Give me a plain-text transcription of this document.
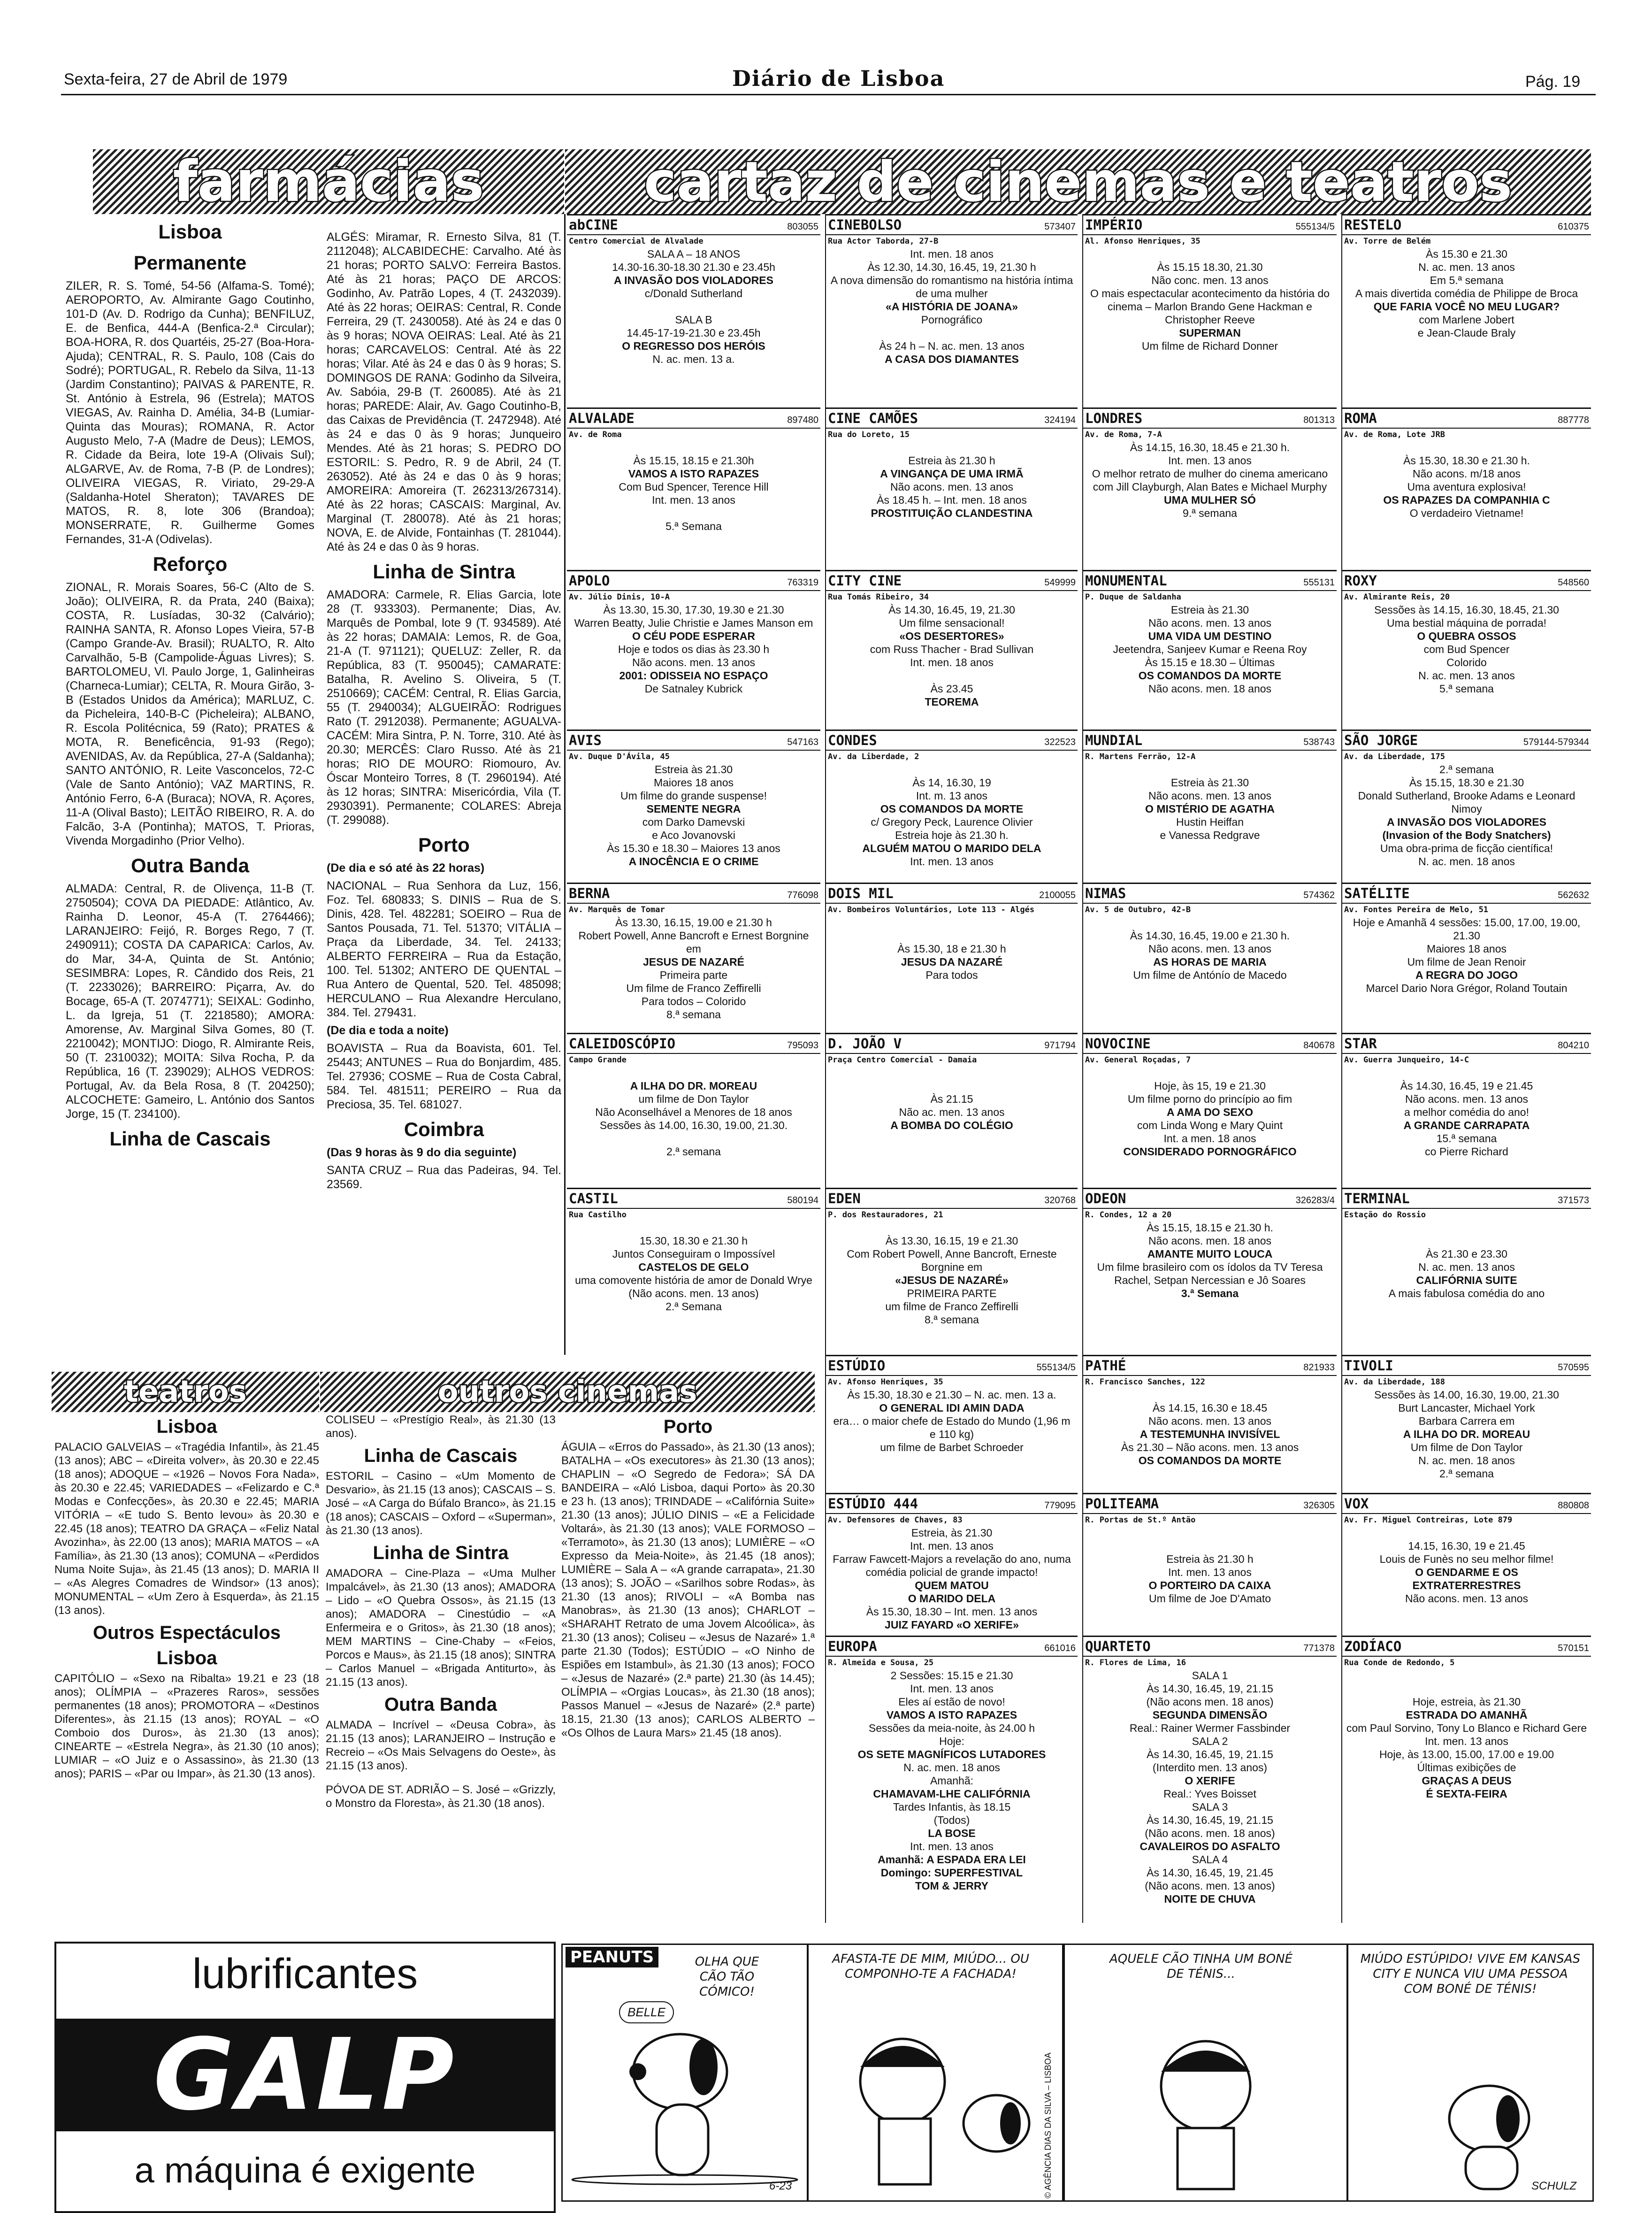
Sexta-feira, 27 de Abril de 1979	Diário de Lisboa	Pág. 19
farmácias	cartaz de cinemas e teatros
Lisboa
Permanente

ZILER, R. S. Tomé, 54-56 (Alfama-S. Tomé); AEROPORTO, Av. Almirante Gago Coutinho, 101-D (Av. D. Rodrigo da Cunha); BENFILUZ, E. de Benfica, 444-A (Benfica-2.ª Circular); BOA-HORA, R. dos Quartéis, 25-27 (Boa-Hora-Ajuda); CENTRAL, R. S. Paulo, 108 (Cais do Sodré); PORTUGAL, R. Rebelo da Silva, 11-13 (Jardim Constantino); PAIVAS & PARENTE, R. St. António à Estrela, 96 (Estrela); MATOS VIEGAS, Av. Rainha D. Amélia, 34-B (Lumiar- Quinta das Mouras); ROMANA, R. Actor Augusto Melo, 7-A (Madre de Deus); LEMOS, R. Cidade da Beira, lote 19-A (Olivais Sul); ALGARVE, Av. de Roma, 7-B (P. de Londres); OLIVEIRA VIEGAS, R. Viriato, 29-29-A (Saldanha-Hotel Sheraton); TAVARES DE MATOS, R. 8, lote 306 (Brandoa); MONSERRATE, R. Guilherme Gomes Fernandes, 31-A (Odivelas).

Reforço

ZIONAL, R. Morais Soares, 56-C (Alto de S. João); OLIVEIRA, R. da Prata, 240 (Baixa); COSTA, R. Lusíadas, 30-32 (Calvário); RAINHA SANTA, R. Afonso Lopes Vieira, 57-B (Campo Grande-Av. Brasil); RUALTO, R. Alto Carvalhão, 5-B (Campolide-Águas Livres); S. BARTOLOMEU, Vl. Paulo Jorge, 1, Galinheiras (Charneca-Lumiar); CELTA, R. Moura Girão, 3-B (Estados Unidos da América); MARLUZ, C. da Picheleira, 140-B-C (Picheleira); ALBANO, R. Escola Politécnica, 59 (Rato); PRATES & MOTA, R. Beneficência, 91-93 (Rego); AVENIDAS, Av. da República, 27-A (Saldanha); SANTO ANTÓNIO, R. Leite Vasconcelos, 72-C (Vale de Santo António); VAZ MARTINS, R. António Ferro, 6-A (Buraca); NOVA, R. Açores, 11-A (Olival Basto); LEITÃO RIBEIRO, R. A. do Falcão, 3-A (Pontinha); MATOS, T. Prioras, Vivenda Morgadinho (Prior Velho).

Outra Banda

ALMADA: Central, R. de Olivença, 11-B (T. 2750504); COVA DA PIEDADE: Atlântico, Av. Rainha D. Leonor, 45-A (T. 2764466); LARANJEIRO: Feijó, R. Borges Rego, 7 (T. 2490911); COSTA DA CAPARICA: Carlos, Av. do Mar, 34-A, Quinta de St. António; SESIMBRA: Lopes, R. Cândido dos Reis, 21 (T. 2233026); BARREIRO: Piçarra, Av. do Bocage, 65-A (T. 2074771); SEIXAL: Godinho, L. da Igreja, 51 (T. 2218580); AMORA: Amorense, Av. Marginal Silva Gomes, 80 (T. 2210042); MONTIJO: Diogo, R. Almirante Reis, 50 (T. 2310032); MOITA: Silva Rocha, P. da República, 16 (T. 239029); ALHOS VEDROS: Portugal, Av. da Bela Rosa, 8 (T. 204250); ALCOCHETE: Gameiro, L. António dos Santos Jorge, 15 (T. 234100).

Linha de Cascais

ALGÉS: Miramar, R. Ernesto Silva, 81 (T. 2112048); ALCABIDECHE: Carvalho. Até às 21 horas; PORTO SALVO: Ferreira Bastos. Até às 21 horas; PAÇO DE ARCOS: Godinho, Av. Patrão Lopes, 4 (T. 2432039). Até às 22 horas; OEIRAS: Central, R. Conde Ferreira, 29 (T. 2430058). Até às 24 e das 0 às 9 horas; NOVA OEIRAS: Leal. Até às 21 horas; CARCAVELOS: Central. Até às 22 horas; Vilar. Até às 24 e das 0 às 9 horas; S. DOMINGOS DE RANA: Godinho da Silveira, Av. Sabóia, 29-B (T. 260085). Até às 21 horas; PAREDE: Alair, Av. Gago Coutinho-B, das Caixas de Previdência (T. 2472948). Até às 24 e das 0 às 9 horas; Junqueiro Mendes. Até às 21 horas; S. PEDRO DO ESTORIL: S. Pedro, R. 9 de Abril, 24 (T. 263052). Até às 24 e das 0 às 9 horas; AMOREIRA: Amoreira (T. 262313/267314). Até às 22 horas; CASCAIS: Marginal, Av. Marginal (T. 280078). Até às 21 horas; NOVA, E. de Alvide, Fontainhas (T. 281044). Até às 24 e das 0 às 9 horas.

Linha de Sintra

AMADORA: Carmele, R. Elias Garcia, lote 28 (T. 933303). Permanente; Dias, Av. Marquês de Pombal, lote 9 (T. 934589). Até às 22 horas; DAMAIA: Lemos, R. de Goa, 21-A (T. 971121); QUELUZ: Zeller, R. da República, 83 (T. 950045); CAMARATE: Batalha, R. Avelino S. Oliveira, 5 (T. 2510669); CACÉM: Central, R. Elias Garcia, 55 (T. 2940034); ALGUEIRÃO: Rodrigues Rato (T. 2912038). Permanente; AGUALVA-CACÉM: Mira Sintra, P. N. Torre, 310. Até às 20.30; MERCÊS: Claro Russo. Até às 21 horas; RIO DE MOURO: Riomouro, Av. Óscar Monteiro Torres, 8 (T. 2960194). Até às 12 horas; SINTRA: Misericórdia, Vila (T. 2930391). Permanente; COLARES: Abreja (T. 299088).

Porto

(De dia e só até às 22 horas)

NACIONAL – Rua Senhora da Luz, 156, Foz. Tel. 680833; S. DINIS – Rua de S. Dinis, 428. Tel. 482281; SOEIRO – Rua de Santos Pousada, 71. Tel. 51370; VITÁLIA – Praça da Liberdade, 34. Tel. 24133; ALBERTO FERREIRA – Rua da Estação, 100. Tel. 51302; ANTERO DE QUENTAL – Rua Antero de Quental, 520. Tel. 485098; HERCULANO – Rua Alexandre Herculano, 384. Tel. 279431.

(De dia e toda a noite)

BOAVISTA – Rua da Boavista, 601. Tel. 25443; ANTUNES – Rua do Bonjardim, 485. Tel. 27936; COSME – Rua de Costa Cabral, 584. Tel. 481511; PEREIRO – Rua da Preciosa, 35. Tel. 681027.

Coimbra

(Das 9 horas às 9 do dia seguinte)

SANTA CRUZ – Rua das Padeiras, 94. Tel. 23569.

abCINE	803055
Centro Comercial de Alvalade
SALA A – 18 ANOS
14.30-16.30-18.30 21.30 e 23.45h
A INVASÃO DOS VIOLADORES
c/Donald Sutherland

SALA B
14.45-17-19-21.30 e 23.45h
O REGRESSO DOS HERÓIS
N. ac. men. 13 a.
ALVALADE	897480
Av. de Roma

Às 15.15, 18.15 e 21.30h
VAMOS A ISTO RAPAZES
Com Bud Spencer, Terence Hill
Int. men. 13 anos

5.ª Semana
APOLO	763319
Av. Júlio Dinis, 10-A
Às 13.30, 15.30, 17.30, 19.30 e 21.30
Warren Beatty, Julie Christie e James Manson em
O CÉU PODE ESPERAR
Hoje e todos os dias às 23.30 h
Não acons. men. 13 anos
2001: ODISSEIA NO ESPAÇO
De Satnaley Kubrick
AVIS	547163
Av. Duque D'Ávila, 45
Estreia às 21.30
Maiores 18 anos
Um filme do grande suspense!
SEMENTE NEGRA
com Darko Damevski
e Aco Jovanovski
Às 15.30 e 18.30 – Maiores 13 anos
A INOCÊNCIA E O CRIME
BERNA	776098
Av. Marquês de Tomar
Às 13.30, 16.15, 19.00 e 21.30 h
Robert Powell, Anne Bancroft e Ernest Borgnine em
JESUS DE NAZARÉ
Primeira parte
Um filme de Franco Zeffirelli
Para todos – Colorido
8.ª semana
CALEIDOSCÓPIO	795093
Campo Grande

A ILHA DO DR. MOREAU
um filme de Don Taylor
Não Aconselhável a Menores de 18 anos
Sessões às 14.00, 16.30, 19.00, 21.30.

2.ª semana
CASTIL	580194
Rua Castilho

15.30, 18.30 e 21.30 h
Juntos Conseguiram o Impossível
CASTELOS DE GELO
uma comovente história de amor de Donald Wrye
(Não acons. men. 13 anos)
2.ª Semana
CINEBOLSO	573407
Rua Actor Taborda, 27-B
Int. men. 18 anos
Às 12.30, 14.30, 16.45, 19, 21.30 h
A nova dimensão do romantismo na história íntima de uma mulher
«A HISTÓRIA DE JOANA»
Pornográfico

Às 24 h – N. ac. men. 13 anos
A CASA DOS DIAMANTES
CINE CAMÕES	324194
Rua do Loreto, 15

Estreia às 21.30 h
A VINGANÇA DE UMA IRMÃ
Não acons. men. 13 anos
Às 18.45 h. – Int. men. 18 anos
PROSTITUIÇÃO CLANDESTINA
CITY CINE	549999
Rua Tomás Ribeiro, 34
Às 14.30, 16.45, 19, 21.30
Um filme sensacional!
«OS DESERTORES»
com Russ Thacher - Brad Sullivan
Int. men. 18 anos

Às 23.45
TEOREMA
CONDES	322523
Av. da Liberdade, 2

Às 14, 16.30, 19
Int. m. 13 anos
OS COMANDOS DA MORTE
c/ Gregory Peck, Laurence Olivier
Estreia hoje às 21.30 h.
ALGUÉM MATOU O MARIDO DELA
Int. men. 13 anos
DOIS MIL	2100055
Av. Bombeiros Voluntários, Lote 113 - Algés

Às 15.30, 18 e 21.30 h
JESUS DA NAZARÉ
Para todos
D. JOÃO V	971794
Praça Centro Comercial - Damaia

Às 21.15
Não ac. men. 13 anos
A BOMBA DO COLÉGIO
EDEN	320768
P. dos Restauradores, 21

Às 13.30, 16.15, 19 e 21.30
Com Robert Powell, Anne Bancroft, Erneste Borgnine em
«JESUS DE NAZARÉ»
PRIMEIRA PARTE
um filme de Franco Zeffirelli
8.ª semana
IMPÉRIO	555134/5
Al. Afonso Henriques, 35

Às 15.15 18.30, 21.30
Não conc. men. 13 anos
O mais espectacular acontecimento da história do cinema – Marlon Brando Gene Hackman e Christopher Reeve
SUPERMAN
Um filme de Richard Donner
LONDRES	801313
Av. de Roma, 7-A
Às 14.15, 16.30, 18.45 e 21.30 h.
Int. men. 13 anos
O melhor retrato de mulher do cinema americano
com Jill Clayburgh, Alan Bates e Michael Murphy
UMA MULHER SÓ
9.ª semana
MONUMENTAL	555131
P. Duque de Saldanha
Estreia às 21.30
Não acons. men. 13 anos
UMA VIDA UM DESTINO
Jeetendra, Sanjeev Kumar e Reena Roy
Às 15.15 e 18.30 – Últimas
OS COMANDOS DA MORTE
Não acons. men. 18 anos
MUNDIAL	538743
R. Martens Ferrão, 12-A

Estreia às 21.30
Não acons. men. 13 anos
O MISTÉRIO DE AGATHA
Hustin Heiffan
e Vanessa Redgrave
NIMAS	574362
Av. 5 de Outubro, 42-B

Às 14.30, 16.45, 19.00 e 21.30 h.
Não acons. men. 13 anos
AS HORAS DE MARIA
Um filme de Antónío de Macedo
NOVOCINE	840678
Av. General Roçadas, 7

Hoje, às 15, 19 e 21.30
Um filme porno do princípio ao fim
A AMA DO SEXO
com Linda Wong e Mary Quint
Int. a men. 18 anos
CONSIDERADO PORNOGRÁFICO
ODEON	326283/4
R. Condes, 12 a 20
Às 15.15, 18.15 e 21.30 h.
Não acons. men. 18 anos
AMANTE MUITO LOUCA
Um filme brasileiro com os ídolos da TV Teresa Rachel, Setpan Nercessian e Jô Soares
3.ª Semana
RESTELO	610375
Av. Torre de Belém
Às 15.30 e 21.30
N. ac. men. 13 anos
Em 5.ª semana
A mais divertida comédia de Philippe de Broca
QUE FARIA VOCÊ NO MEU LUGAR?
com Marlene Jobert
e Jean-Claude Braly
ROMA	887778
Av. de Roma, Lote JRB

Às 15.30, 18.30 e 21.30 h.
Não acons. m/18 anos
Uma aventura explosiva!
OS RAPAZES DA COMPANHIA C
O verdadeiro Vietname!
ROXY	548560
Av. Almirante Reis, 20
Sessões às 14.15, 16.30, 18.45, 21.30
Uma bestial máquina de porrada!
O QUEBRA OSSOS
com Bud Spencer
Colorido
N. ac. men. 13 anos
5.ª semana
SÃO JORGE	579144-579344
Av. da Liberdade, 175
2.ª semana
Às 15.15, 18.30 e 21.30
Donald Sutherland, Brooke Adams e Leonard Nimoy
A INVASÃO DOS VIOLADORES
(Invasion of the Body Snatchers)
Uma obra-prima de ficção científica!
N. ac. men. 18 anos
SATÉLITE	562632
Av. Fontes Pereira de Melo, 51
Hoje e Amanhã 4 sessões: 15.00, 17.00, 19.00, 21.30
Maiores 18 anos
Um filme de Jean Renoir
A REGRA DO JOGO
Marcel Dario Nora Grégor, Roland Toutain
STAR	804210
Av. Guerra Junqueiro, 14-C

Às 14.30, 16.45, 19 e 21.45
Não acons. men. 13 anos
a melhor comédia do ano!
A GRANDE CARRAPATA
15.ª semana
co Pierre Richard
TERMINAL	371573
Estação do Rossio

Às 21.30 e 23.30
N. ac. men. 13 anos
CALIFÓRNIA SUITE
A mais fabulosa comédia do ano
ESTÚDIO	555134/5
Av. Afonso Henriques, 35
Às 15.30, 18.30 e 21.30 – N. ac. men. 13 a.
O GENERAL IDI AMIN DADA
era… o maior chefe de Estado do Mundo (1,96 m e 110 kg)
um filme de Barbet Schroeder
ESTÚDIO 444	779095
Av. Defensores de Chaves, 83
Estreia, às 21.30
Int. men. 13 anos
Farraw Fawcett-Majors a revelação do ano, numa comédia policial de grande impacto!
QUEM MATOU
O MARIDO DELA
Às 15.30, 18.30 – Int. men. 13 anos
JUIZ FAYARD «O XERIFE»
EUROPA	661016
R. Almeida e Sousa, 25
2 Sessões: 15.15 e 21.30
Int. men. 13 anos
Eles aí estão de novo!
VAMOS A ISTO RAPAZES
Sessões da meia-noite, às 24.00 h
Hoje:
OS SETE MAGNÍFICOS LUTADORES
N. ac. men. 18 anos
Amanhã:
CHAMAVAM-LHE CALIFÓRNIA
Tardes Infantis, às 18.15
(Todos)
LA BOSE
Int. men. 13 anos
Amanhã: A ESPADA ERA LEI
Domingo: SUPERFESTIVAL
TOM & JERRY
PATHÉ	821933
R. Francisco Sanches, 122

Às 14.15, 16.30 e 18.45
Não acons. men. 13 anos
A TESTEMUNHA INVISÍVEL
Às 21.30 – Não acons. men. 13 anos
OS COMANDOS DA MORTE
POLITEAMA	326305
R. Portas de St.º Antão

Estreia às 21.30 h
Int. men. 13 anos
O PORTEIRO DA CAIXA
Um filme de Joe D'Amato
QUARTETO	771378
R. Flores de Lima, 16
SALA 1
Às 14.30, 16.45, 19, 21.15
(Não acons men. 18 anos)
SEGUNDA DIMENSÃO
Real.: Rainer Wermer Fassbinder
SALA 2
Às 14.30, 16.45, 19, 21.15
(Interdito men. 13 anos)
O XERIFE
Real.: Yves Boisset
SALA 3
Às 14.30, 16.45, 19, 21.15
(Não acons. men. 18 anos)
CAVALEIROS DO ASFALTO
SALA 4
Às 14.30, 16.45, 19, 21.45
(Não acons. men. 13 anos)
NOITE DE CHUVA
TIVOLI	570595
Av. da Liberdade, 188
Sessões às 14.00, 16.30, 19.00, 21.30
Burt Lancaster, Michael York
Barbara Carrera em
A ILHA DO DR. MOREAU
Um filme de Don Taylor
N. ac. men. 18 anos
2.ª semana
VOX	880808
Av. Fr. Miguel Contreiras, Lote 879

14.15, 16.30, 19 e 21.45
Louis de Funès no seu melhor filme!
O GENDARME E OS
EXTRATERRESTRES
Não acons. men. 13 anos
ZODÍACO	570151
Rua Conde de Redondo, 5

Hoje, estreia, às 21.30
ESTRADA DO AMANHÃ
com Paul Sorvino, Tony Lo Blanco e Richard Gere
Int. men. 13 anos
Hoje, às 13.00, 15.00, 17.00 e 19.00
Últimas exibições de
GRAÇAS A DEUS
É SEXTA-FEIRA
teatros	outros cinemas
Lisboa

PALACIO GALVEIAS – «Tragédia Infantil», às 21.45 (13 anos); ABC – «Direita volver», às 20.30 e 22.45 (18 anos); ADOQUE – «1926 – Novos Fora Nada», às 20.30 e 22.45; VARIEDADES – «Felizardo e C.ª Modas e Confecções», às 20.30 e 22.45; MARIA VITÓRIA – «E tudo S. Bento levou» às 20.30 e 22.45 (18 anos); TEATRO DA GRAÇA – «Feliz Natal Avozinha», às 22.00 (13 anos); MARIA MATOS – «A Família», às 21.30 (13 anos); COMUNA – «Perdidos Numa Noite Suja», às 21.45 (13 anos); D. MARIA II – «As Alegres Comadres de Windsor» (13 anos); MONUMENTAL – «Um Zero à Esquerda», às 21.15 (13 anos).

Outros Espectáculos
Lisboa

CAPITÓLIO – «Sexo na Ribalta» 19.21 e 23 (18 anos); OLÍMPIA – «Prazeres Raros», sessões permanentes (18 anos); PROMOTORA – «Destinos Diferentes», às 21.15 (13 anos); ROYAL – «O Comboio dos Duros», às 21.30 (13 anos); CINEARTE – «Estrela Negra», às 21.30 (10 anos); LUMIAR – «O Juiz e o Assassino», às 21.30 (13 anos); PARIS – «Par ou Impar», às 21.30 (13 anos).

COLISEU – «Prestígio Real», às 21.30 (13 anos).

Linha de Cascais

ESTORIL – Casino – «Um Momento de Desvario», às 21.15 (13 anos); CASCAIS – S. José – «A Carga do Búfalo Branco», às 21.15 (18 anos); CASCAIS – Oxford – «Superman», às 21.30 (13 anos).

Linha de Sintra

AMADORA – Cine-Plaza – «Uma Mulher Impalcável», às 21.30 (13 anos); AMADORA – Lido – «O Quebra Ossos», às 21.15 (13 anos); AMADORA – Cinestúdio – «A Enfermeira e o Gritos», às 21.30 (18 anos); MEM MARTINS – Cine-Chaby – «Feios, Porcos e Maus», às 21.15 (18 anos); SINTRA – Carlos Manuel – «Brigada Antiturto», às 21.15 (13 anos).

Outra Banda

ALMADA – Incrível – «Deusa Cobra», às 21.15 (13 anos); LARANJEIRO – Instrução e Recreio – «Os Mais Selvagens do Oeste», às 21.15 (13 anos).

PÓVOA DE ST. ADRIÃO – S. José – «Grizzly, o Monstro da Floresta», às 21.30 (18 anos).

Porto

ÁGUIA – «Erros do Passado», às 21.30 (13 anos); BATALHA – «Os executores» às 21.30 (13 anos); CHAPLIN – «O Segredo de Fedora»; SÁ DA BANDEIRA – «Aló Lisboa, daqui Porto» às 20.30 e 23 h. (13 anos); TRINDADE – «Califórnia Suite» 21.30 (13 anos); JÚLIO DINIS – «E a Felicidade Voltará», às 21.30 (13 anos); VALE FORMOSO – «Terramoto», às 21.30 (13 anos); LUMIÈRE – «O Expresso da Meia-Noite», às 21.45 (18 anos); LUMIÈRE – Sala A – «A grande carrapata», 21.30 (13 anos); S. JOÃO – «Sarilhos sobre Rodas», às 21.30 (13 anos); RIVOLI – «A Bomba nas Manobras», às 21.30 (13 anos); CHARLOT – «SHARAHT Retrato de uma Jovem Alcoólica», às 21.30 (13 anos); Coliseu – «Jesus de Nazaré» 1.ª parte 21.30 (Todos); ESTÚDIO – «O Ninho de Espiões em Istambul», às 21.30 (13 anos); FOCO – «Jesus de Nazaré» (2.ª parte) 21.30 (às 14.45); OLÍMPIA – «Orgias Loucas», às 21.30 (18 anos); Passos Manuel – «Jesus de Nazaré» (2.ª parte) 18.15, 21.30 (13 anos); CARLOS ALBERTO – «Os Olhos de Laura Mars» 21.45 (18 anos).

lubrificantes
GALP
a máquina é exigente
PEANUTS	OLHA QUE CÃO TÃO CÓMICO!
BELLE
6-23
AFASTA-TE DE MIM, MIÚDO... OU COMPONHO-TE A FACHADA!
© AGÊNCIA DIAS DA SILVA – LISBOA
AQUELE CÃO TINHA UM BONÉ DE TÉNIS...
MIÚDO ESTÚPIDO! VIVE EM KANSAS CITY E NUNCA VIU UMA PESSOA COM BONÉ DE TÉNIS!
SCHULZ
